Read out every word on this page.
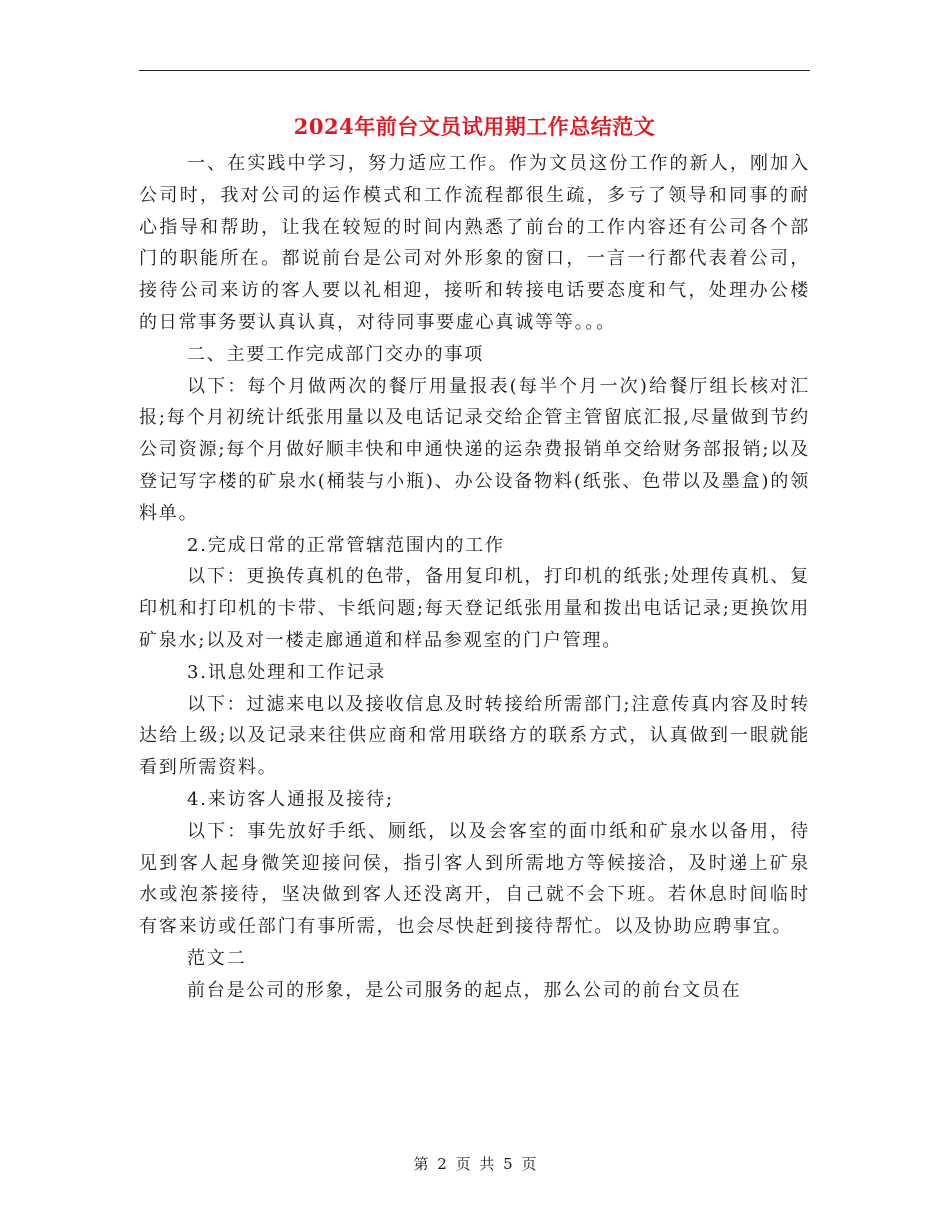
2024年前台文员试用期工作总结范文

一、在实践中学习，努力适应工作。作为文员这份工作的新人，刚加入公司时，我对公司的运作模式和工作流程都很生疏，多亏了领导和同事的耐心指导和帮助，让我在较短的时间内熟悉了前台的工作内容还有公司各个部门的职能所在。都说前台是公司对外形象的窗口，一言一行都代表着公司，接待公司来访的客人要以礼相迎，接听和转接电话要态度和气，处理办公楼的日常事务要认真认真，对待同事要虚心真诚等等。。。

二、主要工作完成部门交办的事项

以下：每个月做两次的餐厅用量报表(每半个月一次)给餐厅组长核对汇报;每个月初统计纸张用量以及电话记录交给企管主管留底汇报,尽量做到节约公司资源;每个月做好顺丰快和申通快递的运杂费报销单交给财务部报销;以及登记写字楼的矿泉水(桶装与小瓶)、办公设备物料(纸张、色带以及墨盒)的领料单。

2.完成日常的正常管辖范围内的工作

以下：更换传真机的色带，备用复印机，打印机的纸张;处理传真机、复印机和打印机的卡带、卡纸问题;每天登记纸张用量和拨出电话记录;更换饮用矿泉水;以及对一楼走廊通道和样品参观室的门户管理。

3.讯息处理和工作记录

以下：过滤来电以及接收信息及时转接给所需部门;注意传真内容及时转达给上级;以及记录来往供应商和常用联络方的联系方式，认真做到一眼就能看到所需资料。

4.来访客人通报及接待;

以下：事先放好手纸、厕纸，以及会客室的面巾纸和矿泉水以备用，待见到客人起身微笑迎接问侯，指引客人到所需地方等候接洽，及时递上矿泉水或泡茶接待，坚决做到客人还没离开，自己就不会下班。若休息时间临时有客来访或任部门有事所需，也会尽快赶到接待帮忙。以及协助应聘事宜。

范文二

前台是公司的形象，是公司服务的起点，那么公司的前台文员在

第 2 页 共 5 页
